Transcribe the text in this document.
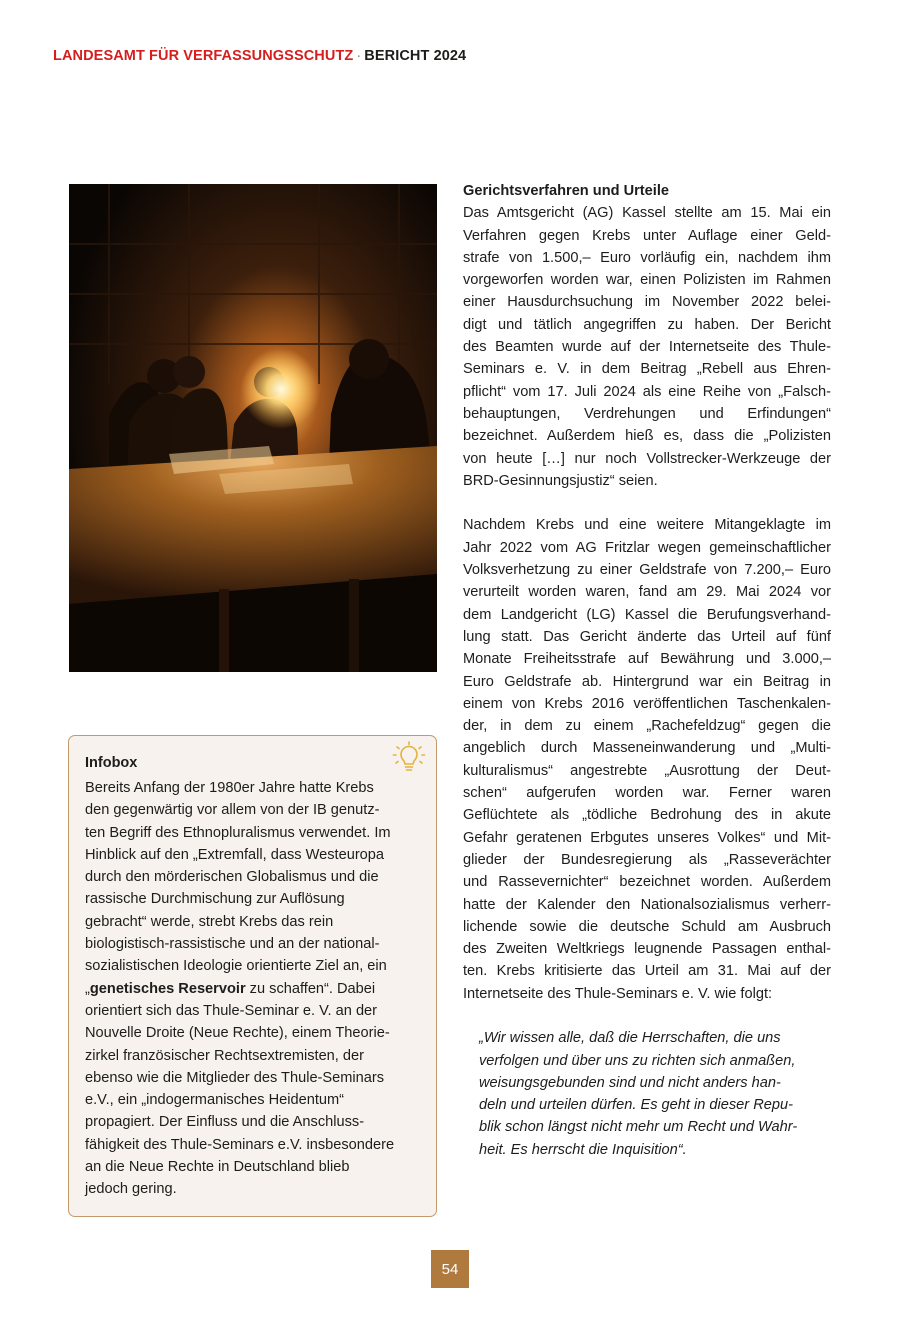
LANDESAMT FÜR VERFASSUNGSSCHUTZ · BERICHT 2024
Infobox

Bereits Anfang der 1980er Jahre hatte Krebs
den gegenwärtig vor allem von der IB genutz-
ten Begriff des Ethnopluralismus verwendet. Im
Hinblick auf den „Extremfall, dass Westeuropa
durch den mörderischen Globalismus und die
rassische Durchmischung zur Auflösung
gebracht“ werde, strebt Krebs das rein
biologistisch-rassistische und an der national-
sozialistischen Ideologie orientierte Ziel an, ein
„genetisches Reservoir zu schaffen“. Dabei
orientiert sich das Thule-Seminar e. V. an der
Nouvelle Droite (Neue Rechte), einem Theorie-
zirkel französischer Rechtsextremisten, der
ebenso wie die Mitglieder des Thule-Seminars
e.V., ein „indogermanisches Heidentum“
propagiert. Der Einfluss und die Anschluss-
fähigkeit des Thule-Seminars e.V. insbesondere
an die Neue Rechte in Deutschland blieb
jedoch gering.

Gerichtsverfahren und Urteile

Das Amtsgericht (AG) Kassel stellte am 15. Mai ein
Verfahren gegen Krebs unter Auflage einer Geld-
strafe von 1.500,– Euro vorläufig ein, nachdem ihm
vorgeworfen worden war, einen Polizisten im Rahmen
einer Hausdurchsuchung im November 2022 belei-
digt und tätlich angegriffen zu haben. Der Bericht
des Beamten wurde auf der Internetseite des Thule-
Seminars e. V. in dem Beitrag „Rebell aus Ehren-
pflicht“ vom 17. Juli 2024 als eine Reihe von „Falsch-
behauptungen, Verdrehungen und Erfindungen“
bezeichnet. Außerdem hieß es, dass die „Polizisten
von heute […] nur noch Vollstrecker-Werkzeuge der
BRD-Gesinnungsjustiz“ seien.

Nachdem Krebs und eine weitere Mitangeklagte im
Jahr 2022 vom AG Fritzlar wegen gemeinschaftlicher
Volksverhetzung zu einer Geldstrafe von 7.200,– Euro
verurteilt worden waren, fand am 29. Mai 2024 vor
dem Landgericht (LG) Kassel die Berufungsverhand-
lung statt. Das Gericht änderte das Urteil auf fünf
Monate Freiheitsstrafe auf Bewährung und 3.000,–
Euro Geldstrafe ab. Hintergrund war ein Beitrag in
einem von Krebs 2016 veröffentlichen Taschenkalen-
der, in dem zu einem „Rachefeldzug“ gegen die
angeblich durch Masseneinwanderung und „Multi-
kulturalismus“ angestrebte „Ausrottung der Deut-
schen“ aufgerufen worden war. Ferner waren
Geflüchtete als „tödliche Bedrohung des in akute
Gefahr geratenen Erbgutes unseres Volkes“ und Mit-
glieder der Bundesregierung als „Rasseverächter
und Rassevernichter“ bezeichnet worden. Außerdem
hatte der Kalender den Nationalsozialismus verherr-
lichende sowie die deutsche Schuld am Ausbruch
des Zweiten Weltkriegs leugnende Passagen enthal-
ten. Krebs kritisierte das Urteil am 31. Mai auf der
Internetseite des Thule-Seminars e. V. wie folgt:

„Wir wissen alle, daß die Herrschaften, die uns
verfolgen und über uns zu richten sich anmaßen,
weisungsgebunden sind und nicht anders han-
deln und urteilen dürfen. Es geht in dieser Repu-
blik schon längst nicht mehr um Recht und Wahr-
heit. Es herrscht die Inquisition“.
54
